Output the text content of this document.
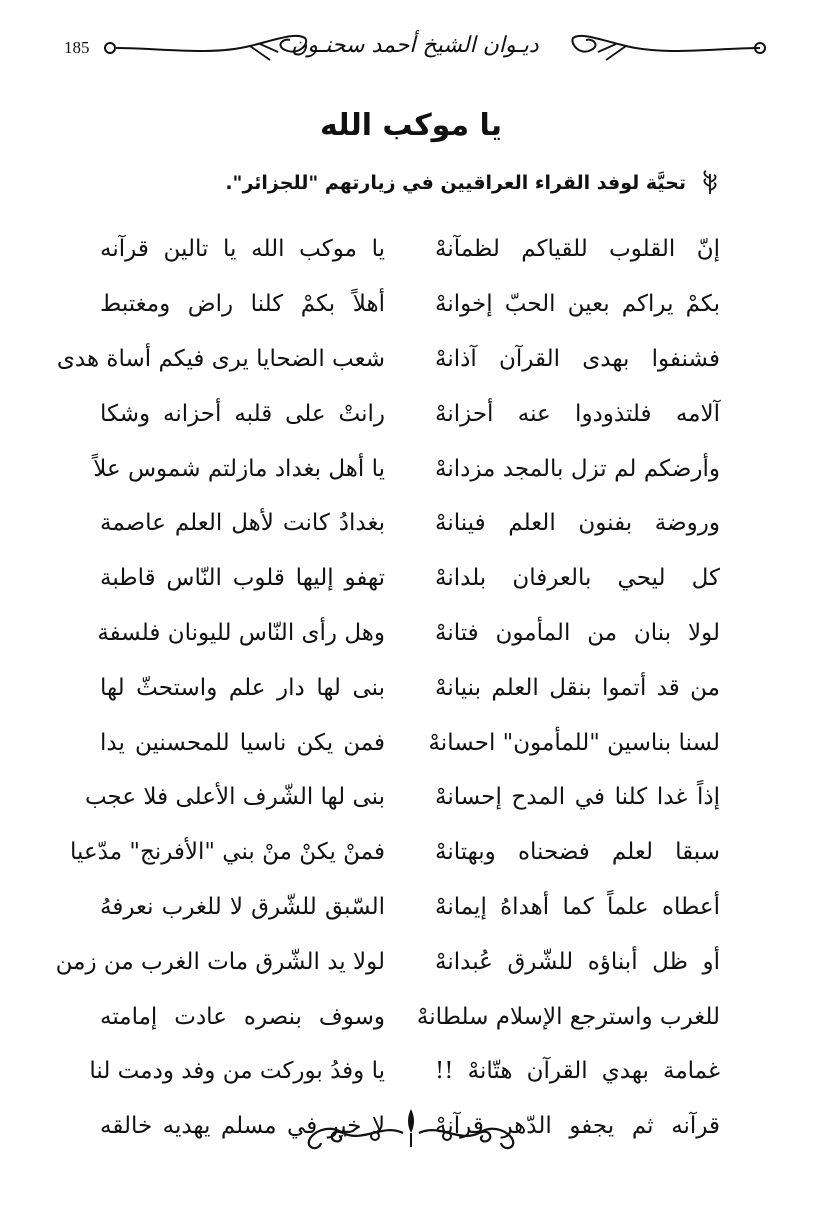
185	ديـوان الشيخ أحمد سحنـون
يا موكب الله
تحيَّة لوفد القراء العراقيين في زيارتهم "للجزائر".
يا موكب الله يا تالين قرآنه إنّ القلوب للقياكم لظمآنهْ
أهلاً بكمْ كلنا راض ومغتبط بكمْ يراكم بعين الحبّ إخوانهْ
شعب الضحايا يرى فيكم أساة هدى فشنفوا بهدى القرآن آذانهْ
رانتْ على قلبه أحزانه وشكا آلامه فلتذودوا عنه أحزانهْ
يا أهل بغداد مازلتم شموس علاً وأرضكم لم تزل بالمجد مزدانهْ
بغدادُ كانت لأهل العلم عاصمة وروضة بفنون العلم فينانهْ
تهفو إليها قلوب النّاس قاطبة كل ليحي بالعرفان بلدانهْ
وهل رأى النّاس لليونان فلسفة لولا بنان من المأمون فتانهْ
بنى لها دار علم واستحثّ لها من قد أتموا بنقل العلم بنيانهْ
فمن يكن ناسيا للمحسنين يدا لسنا بناسين "للمأمون" احسانهْ
بنى لها الشّرف الأعلى فلا عجب إذاً غدا كلنا في المدح إحسانهْ
فمنْ يكنْ منْ بني "الأفرنج" مدّعيا سبقا لعلم فضحناه وبهتانهْ
السّبق للشّرق لا للغرب نعرفهُ أعطاه علماً كما أهداهُ إيمانهْ
لولا يد الشّرق مات الغرب من زمن أو ظل أبناؤه للشّرق عُبدانهْ
وسوف بنصره عادت إمامته للغرب واسترجع الإسلام سلطانهْ
يا وفدُ بوركت من وفد ودمت لنا غمامة بهدي القرآن هتّانهْ !!
لا خير في مسلم يهديه خالقه قرآنه ثم يجفو الدّهر قرآنهْ
